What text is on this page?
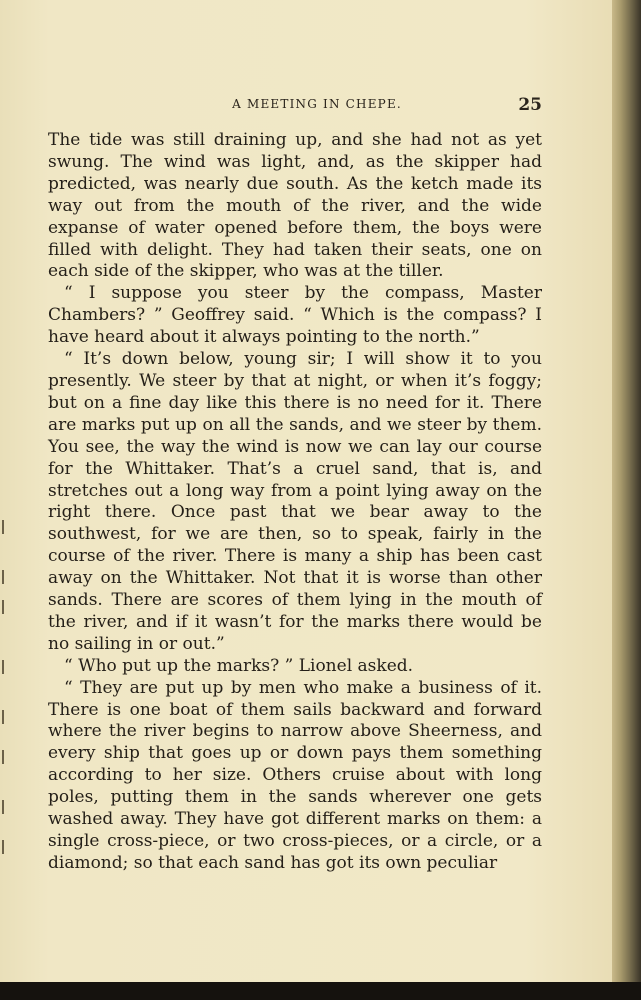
A MEETING IN CHEPE.	25

The tide was still draining up, and she had not as yet swung. The wind was light, and, as the skipper had predicted, was nearly due south. As the ketch made its way out from the mouth of the river, and the wide expanse of water opened before them, the boys were filled with delight. They had taken their seats, one on each side of the skipper, who was at the tiller.

“ I suppose you steer by the compass, Master Chambers? ” Geoffrey said. “ Which is the compass? I have heard about it always pointing to the north.”

“ It’s down below, young sir; I will show it to you presently. We steer by that at night, or when it’s foggy; but on a fine day like this there is no need for it. There are marks put up on all the sands, and we steer by them. You see, the way the wind is now we can lay our course for the Whittaker. That’s a cruel sand, that is, and stretches out a long way from a point lying away on the right there. Once past that we bear away to the southwest, for we are then, so to speak, fairly in the course of the river. There is many a ship has been cast away on the Whittaker. Not that it is worse than other sands. There are scores of them lying in the mouth of the river, and if it wasn’t for the marks there would be no sailing in or out.”

“ Who put up the marks? ” Lionel asked.

“ They are put up by men who make a business of it. There is one boat of them sails backward and forward where the river begins to narrow above Sheerness, and every ship that goes up or down pays them something according to her size. Others cruise about with long poles, putting them in the sands wherever one gets washed away. They have got different marks on them: a single cross-piece, or two cross-pieces, or a circle, or a diamond; so that each sand has got its own peculiar
